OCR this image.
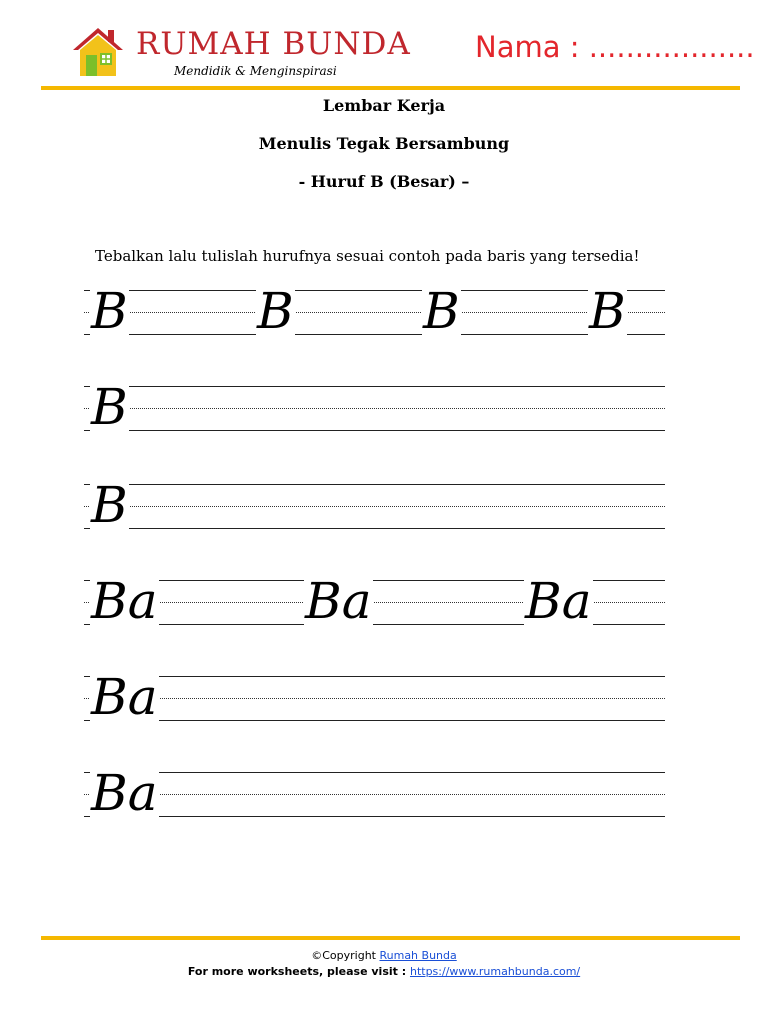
RUMAH BUNDA
Mendidik & Menginspirasi
Nama : ..................
Lembar Kerja
Menulis Tegak Bersambung
- Huruf B (Besar) –
Tebalkan lalu tulislah hurufnya sesuai contoh pada baris yang tersedia!
B	B	B	B
B
B
Ba	Ba	Ba
Ba
Ba
©Copyright Rumah Bunda
For more worksheets, please visit : https://www.rumahbunda.com/
